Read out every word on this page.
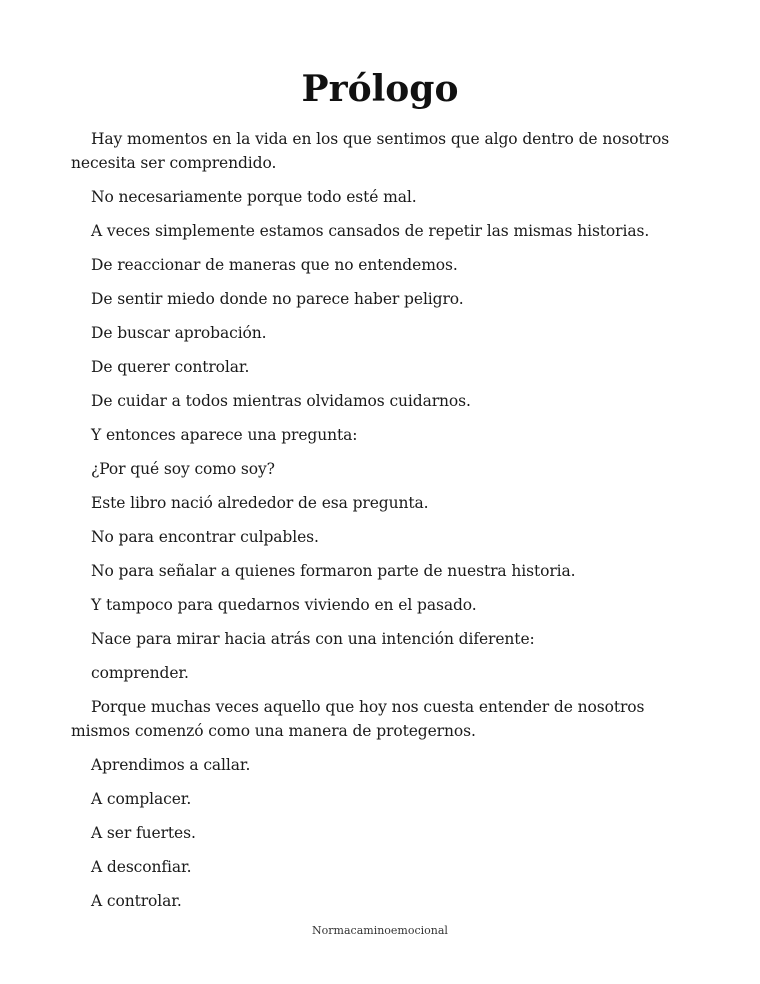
Prólogo

Hay momentos en la vida en los que sentimos que algo dentro de nosotros necesita ser comprendido.

No necesariamente porque todo esté mal.

A veces simplemente estamos cansados de repetir las mismas historias.

De reaccionar de maneras que no entendemos.

De sentir miedo donde no parece haber peligro.

De buscar aprobación.

De querer controlar.

De cuidar a todos mientras olvidamos cuidarnos.

Y entonces aparece una pregunta:

¿Por qué soy como soy?

Este libro nació alrededor de esa pregunta.

No para encontrar culpables.

No para señalar a quienes formaron parte de nuestra historia.

Y tampoco para quedarnos viviendo en el pasado.

Nace para mirar hacia atrás con una intención diferente:

comprender.

Porque muchas veces aquello que hoy nos cuesta entender de nosotros mismos comenzó como una manera de protegernos.

Aprendimos a callar.

A complacer.

A ser fuertes.

A desconfiar.

A controlar.

Normacaminoemocional
